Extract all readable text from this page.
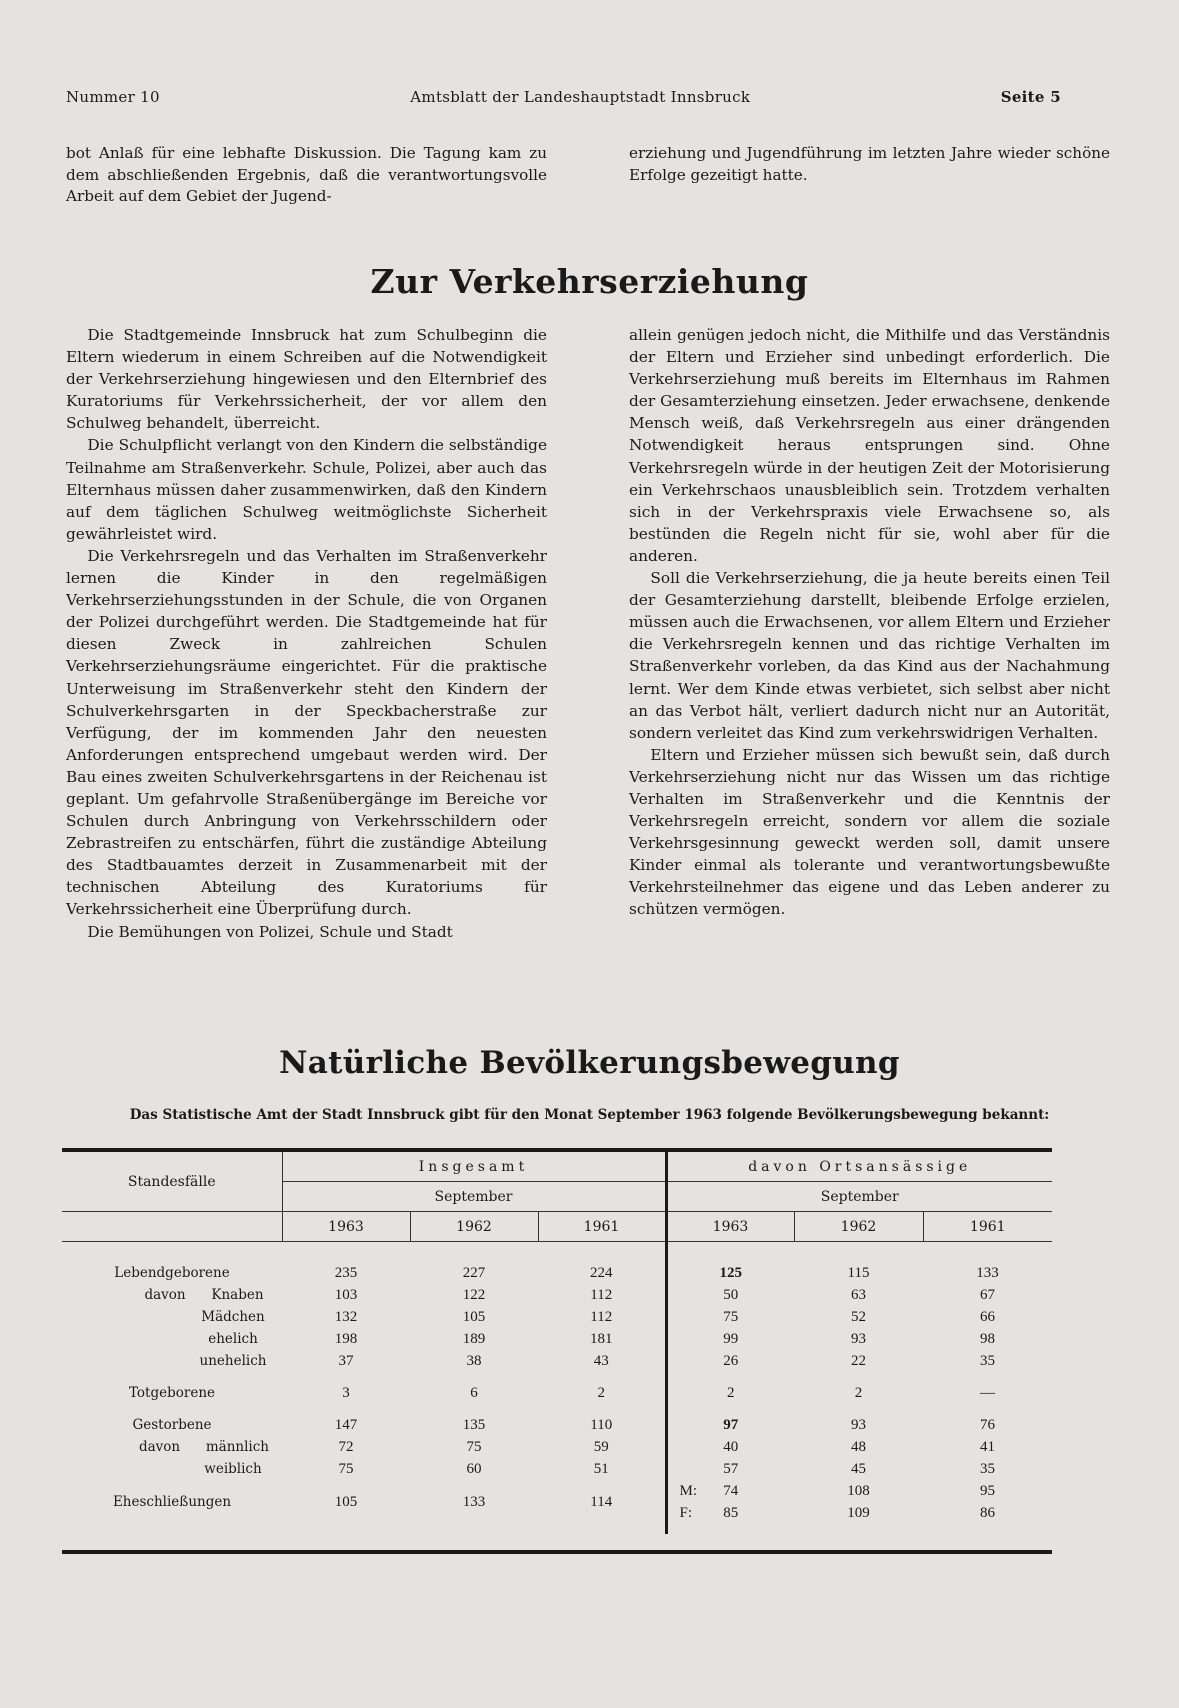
Nummer 10	Amtsblatt der Landeshauptstadt Innsbruck	Seite 5

bot Anlaß für eine lebhafte Diskussion. Die Tagung kam zu dem abschließenden Ergebnis, daß die verantwortungsvolle Arbeit auf dem Gebiet der Jugend-

erziehung und Jugendführung im letzten Jahre wieder schöne Erfolge gezeitigt hatte.

Zur Verkehrserziehung

Die Stadtgemeinde Innsbruck hat zum Schulbeginn die Eltern wiederum in einem Schreiben auf die Notwendigkeit der Verkehrserziehung hingewiesen und den Elternbrief des Kuratoriums für Verkehrssicherheit, der vor allem den Schulweg behandelt, überreicht.

Die Schulpflicht verlangt von den Kindern die selbständige Teilnahme am Straßenverkehr. Schule, Polizei, aber auch das Elternhaus müssen daher zusammenwirken, daß den Kindern auf dem täglichen Schulweg weitmöglichste Sicherheit gewährleistet wird.

Die Verkehrsregeln und das Verhalten im Straßenverkehr lernen die Kinder in den regelmäßigen Verkehrserziehungsstunden in der Schule, die von Organen der Polizei durchgeführt werden. Die Stadtgemeinde hat für diesen Zweck in zahlreichen Schulen Verkehrserziehungsräume eingerichtet. Für die praktische Unterweisung im Straßenverkehr steht den Kindern der Schulverkehrsgarten in der Speckbacherstraße zur Verfügung, der im kommenden Jahr den neuesten Anforderungen entsprechend umgebaut werden wird. Der Bau eines zweiten Schulverkehrsgartens in der Reichenau ist geplant. Um gefahrvolle Straßenübergänge im Bereiche vor Schulen durch Anbringung von Verkehrsschildern oder Zebrastreifen zu entschärfen, führt die zuständige Abteilung des Stadtbauamtes derzeit in Zusammenarbeit mit der technischen Abteilung des Kuratoriums für Verkehrssicherheit eine Überprüfung durch.

Die Bemühungen von Polizei, Schule und Stadt

allein genügen jedoch nicht, die Mithilfe und das Verständnis der Eltern und Erzieher sind unbedingt erforderlich. Die Verkehrserziehung muß bereits im Elternhaus im Rahmen der Gesamterziehung einsetzen. Jeder erwachsene, denkende Mensch weiß, daß Verkehrsregeln aus einer drängenden Notwendigkeit heraus entsprungen sind. Ohne Verkehrsregeln würde in der heutigen Zeit der Motorisierung ein Verkehrschaos unausbleiblich sein. Trotzdem verhalten sich in der Verkehrspraxis viele Erwachsene so, als bestünden die Regeln nicht für sie, wohl aber für die anderen.

Soll die Verkehrserziehung, die ja heute bereits einen Teil der Gesamterziehung darstellt, bleibende Erfolge erzielen, müssen auch die Erwachsenen, vor allem Eltern und Erzieher die Verkehrsregeln kennen und das richtige Verhalten im Straßenverkehr vorleben, da das Kind aus der Nachahmung lernt. Wer dem Kinde etwas verbietet, sich selbst aber nicht an das Verbot hält, verliert dadurch nicht nur an Autorität, sondern verleitet das Kind zum verkehrswidrigen Verhalten.

Eltern und Erzieher müssen sich bewußt sein, daß durch Verkehrserziehung nicht nur das Wissen um das richtige Verhalten im Straßenverkehr und die Kenntnis der Verkehrsregeln erreicht, sondern vor allem die soziale Verkehrsgesinnung geweckt werden soll, damit unsere Kinder einmal als tolerante und verantwortungsbewußte Verkehrsteilnehmer das eigene und das Leben anderer zu schützen vermögen.

Natürliche Bevölkerungsbewegung
Das Statistische Amt der Stadt Innsbruck gibt für den Monat September 1963 folgende Bevölkerungsbewegung bekannt:
Standesfälle	Insgesamt			davon Ortsansässige		
	September			September		
	1963	1962	1961	1963	1962	1961

Lebendgeborene	235	227	224	125	115	133
davon Knaben	103	122	112	50	63	67
Mädchen	132	105	112	75	52	66
ehelich	198	189	181	99	93	98
unehelich	37	38	43	26	22	35

Totgeborene	3	6	2	2	2	—

Gestorbene	147	135	110	97	93	76
davon männlich	72	75	59	40	48	41
weiblich	75	60	51	57	45	35
Eheschließungen	105	133	114	M: 74	108	95

				F: 85	109	86
